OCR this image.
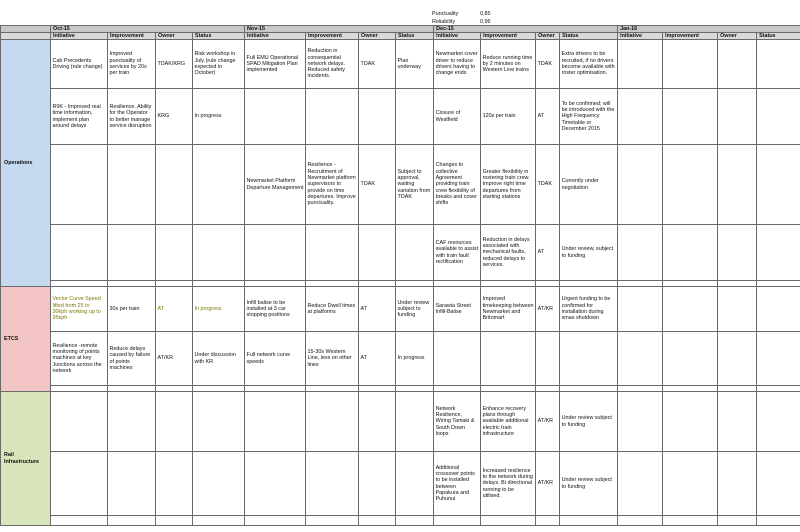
Punctuality	0.85
Reliability	0.96
	Oct-15				Nov-15				Dec-15				Jan-16			
	Initiative	Improvement	Owner	Status	Initiative	Improvement	Owner	Status	Initiative	Improvement	Owner	Status	Initiative	Improvement	Owner	Status
Operations	Cab Precedents Driving (rule change)	Improved punctuality of services by 20s per train	TDAK/KRG	Risk workshop in July (rule change expected in October)	Full EMU Operational SPAD Mitigation Plan implemented	Reduction in consequential network delays. Reduced safety incidents.	TDAK	Plan underway	Newmarket cover driver to reduce drivers having to change ends	Reduce running time by 2 minutes on Western Line trains	TDAK	Extra drivers to be recruited, if no drivers become available with roster optimisation.				
	R9K - Improved real time information, implement plan around delays	Resilience. Ability for the Operator to better manage service disruption	KRG	In progress					Closure of Westfield	120s per train	AT	To be confirmed; will be introduced with the High Frequency Timetable or December 2015				
					Newmarket Platform Departure Management	Resilience - Recruitment of Newmarket platform supervisors to provide on time departures. Improve punctuality.	TDAK	Subject to approval, waiting variation from TDAK	Changes to collective Agreement providing train crew flexibility of breaks and cover shifts	Greater flexibility in rostering train crew. Improve right time departures from starting stations	TDAK	Currently under negotiation				
									CAF resources available to assist with train fault rectification	Reduction in delays associated with mechanical faults, reduced delays to services.	AT	Under review, subject to funding				

ETCS	Vector Curve Speed lifted from 25 to 30kph working up to 35kph	30s per train	AT	In progress	Infill balise to be installed at 3 car stopping positions	Reduce Dwell times at platforms	AT	Under review subject to funding	Sarawia Street Infill-Balise	Improved timekeeping between Newmarket and Britomart	AT/KR	Urgent funding to be confirmed for installation during xmas shutdown				
	Resilience -remote monitoring of points machines at key Junctions across the network	Reduce delays caused by failure of points machines	AT/KR	Under discussion with KR	Full network curve speeds	15-30s Western Line, less on other lines	AT	In progress								

Rail Infrastructure									Network Resilience, Wiring Tamaki & South Down loops	Enhance recovery plans through available additional electric train infrastructure	AT/KR	Under review subject to funding				
									Additional crossover points to be installed between Papakura and Puhunui	Increased resilience to the network during delays. Bi directional running to be utilised.	AT/KR	Under review subject to funding				
